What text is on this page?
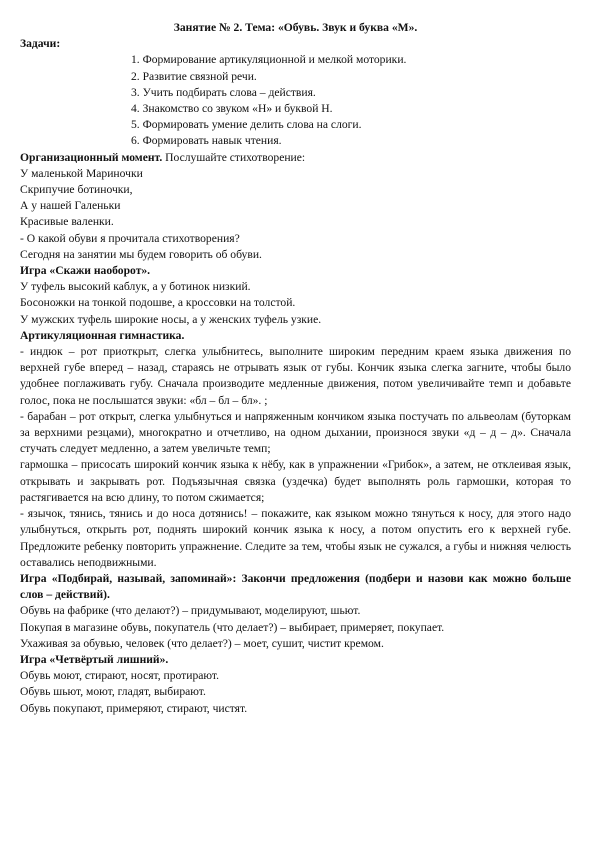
Занятие № 2. Тема: «Обувь. Звук и буква «М».

Задачи:

1. Формирование артикуляционной и мелкой моторики.
2. Развитие связной речи.
3. Учить подбирать слова – действия.
4. Знакомство со звуком «Н» и буквой Н.
5. Формировать умение делить слова на слоги.
6. Формировать навык чтения.

Организационный момент. Послушайте стихотворение:

У маленькой Мариночки

Скрипучие ботиночки,

А у нашей Галеньки

Красивые валенки.

- О какой обуви я прочитала стихотворения?

Сегодня на занятии мы будем говорить об обуви.

Игра «Скажи наоборот».

У туфель высокий каблук, а у ботинок низкий.

Босоножки на тонкой подошве, а кроссовки на толстой.

У мужских туфель широкие носы, а у женских туфель узкие.

Артикуляционная гимнастика.

- индюк – рот приоткрыт, слегка улыбнитесь, выполните широким передним краем языка движения по верхней губе вперед – назад, стараясь не отрывать язык от губы. Кончик языка слегка загните, чтобы было удобнее поглаживать губу. Сначала производите медленные движения, потом увеличивайте темп и добавьте голос, пока не послышатся звуки: «бл – бл – бл». ;

- барабан – рот открыт, слегка улыбнуться и напряженным кончиком языка постучать по альвеолам (буторкам за верхними резцами), многократно и отчетливо, на одном дыхании, произнося звуки «д – д – д». Сначала стучать следует медленно, а затем увеличьте темп;

гармошка – присосать широкий кончик языка к нёбу, как в упражнении «Грибок», а затем, не отклеивая язык, открывать и закрывать рот. Подъязычная связка (уздечка) будет выполнять роль гармошки, которая то растягивается на всю длину, то потом сжимается;

- язычок, тянись, тянись и до носа дотянись! – покажите, как языком можно тянуться к носу, для этого надо улыбнуться, открыть рот, поднять широкий кончик языка к носу, а потом опустить его к верхней губе. Предложите ребенку повторить упражнение. Следите за тем, чтобы язык не сужался, а губы и нижняя челюсть оставались неподвижными.

Игра «Подбирай, называй, запоминай»: Закончи предложения (подбери и назови как можно больше слов – действий).

Обувь на фабрике (что делают?) – придумывают, моделируют, шьют.

Покупая в магазине обувь, покупатель (что делает?) – выбирает, примеряет, покупает.

Ухаживая за обувью, человек (что делает?) – моет, сушит, чистит кремом.

Игра «Четвёртый лишний».

Обувь моют, стирают, носят, протирают.

Обувь шьют, моют, гладят, выбирают.

Обувь покупают, примеряют, стирают, чистят.
